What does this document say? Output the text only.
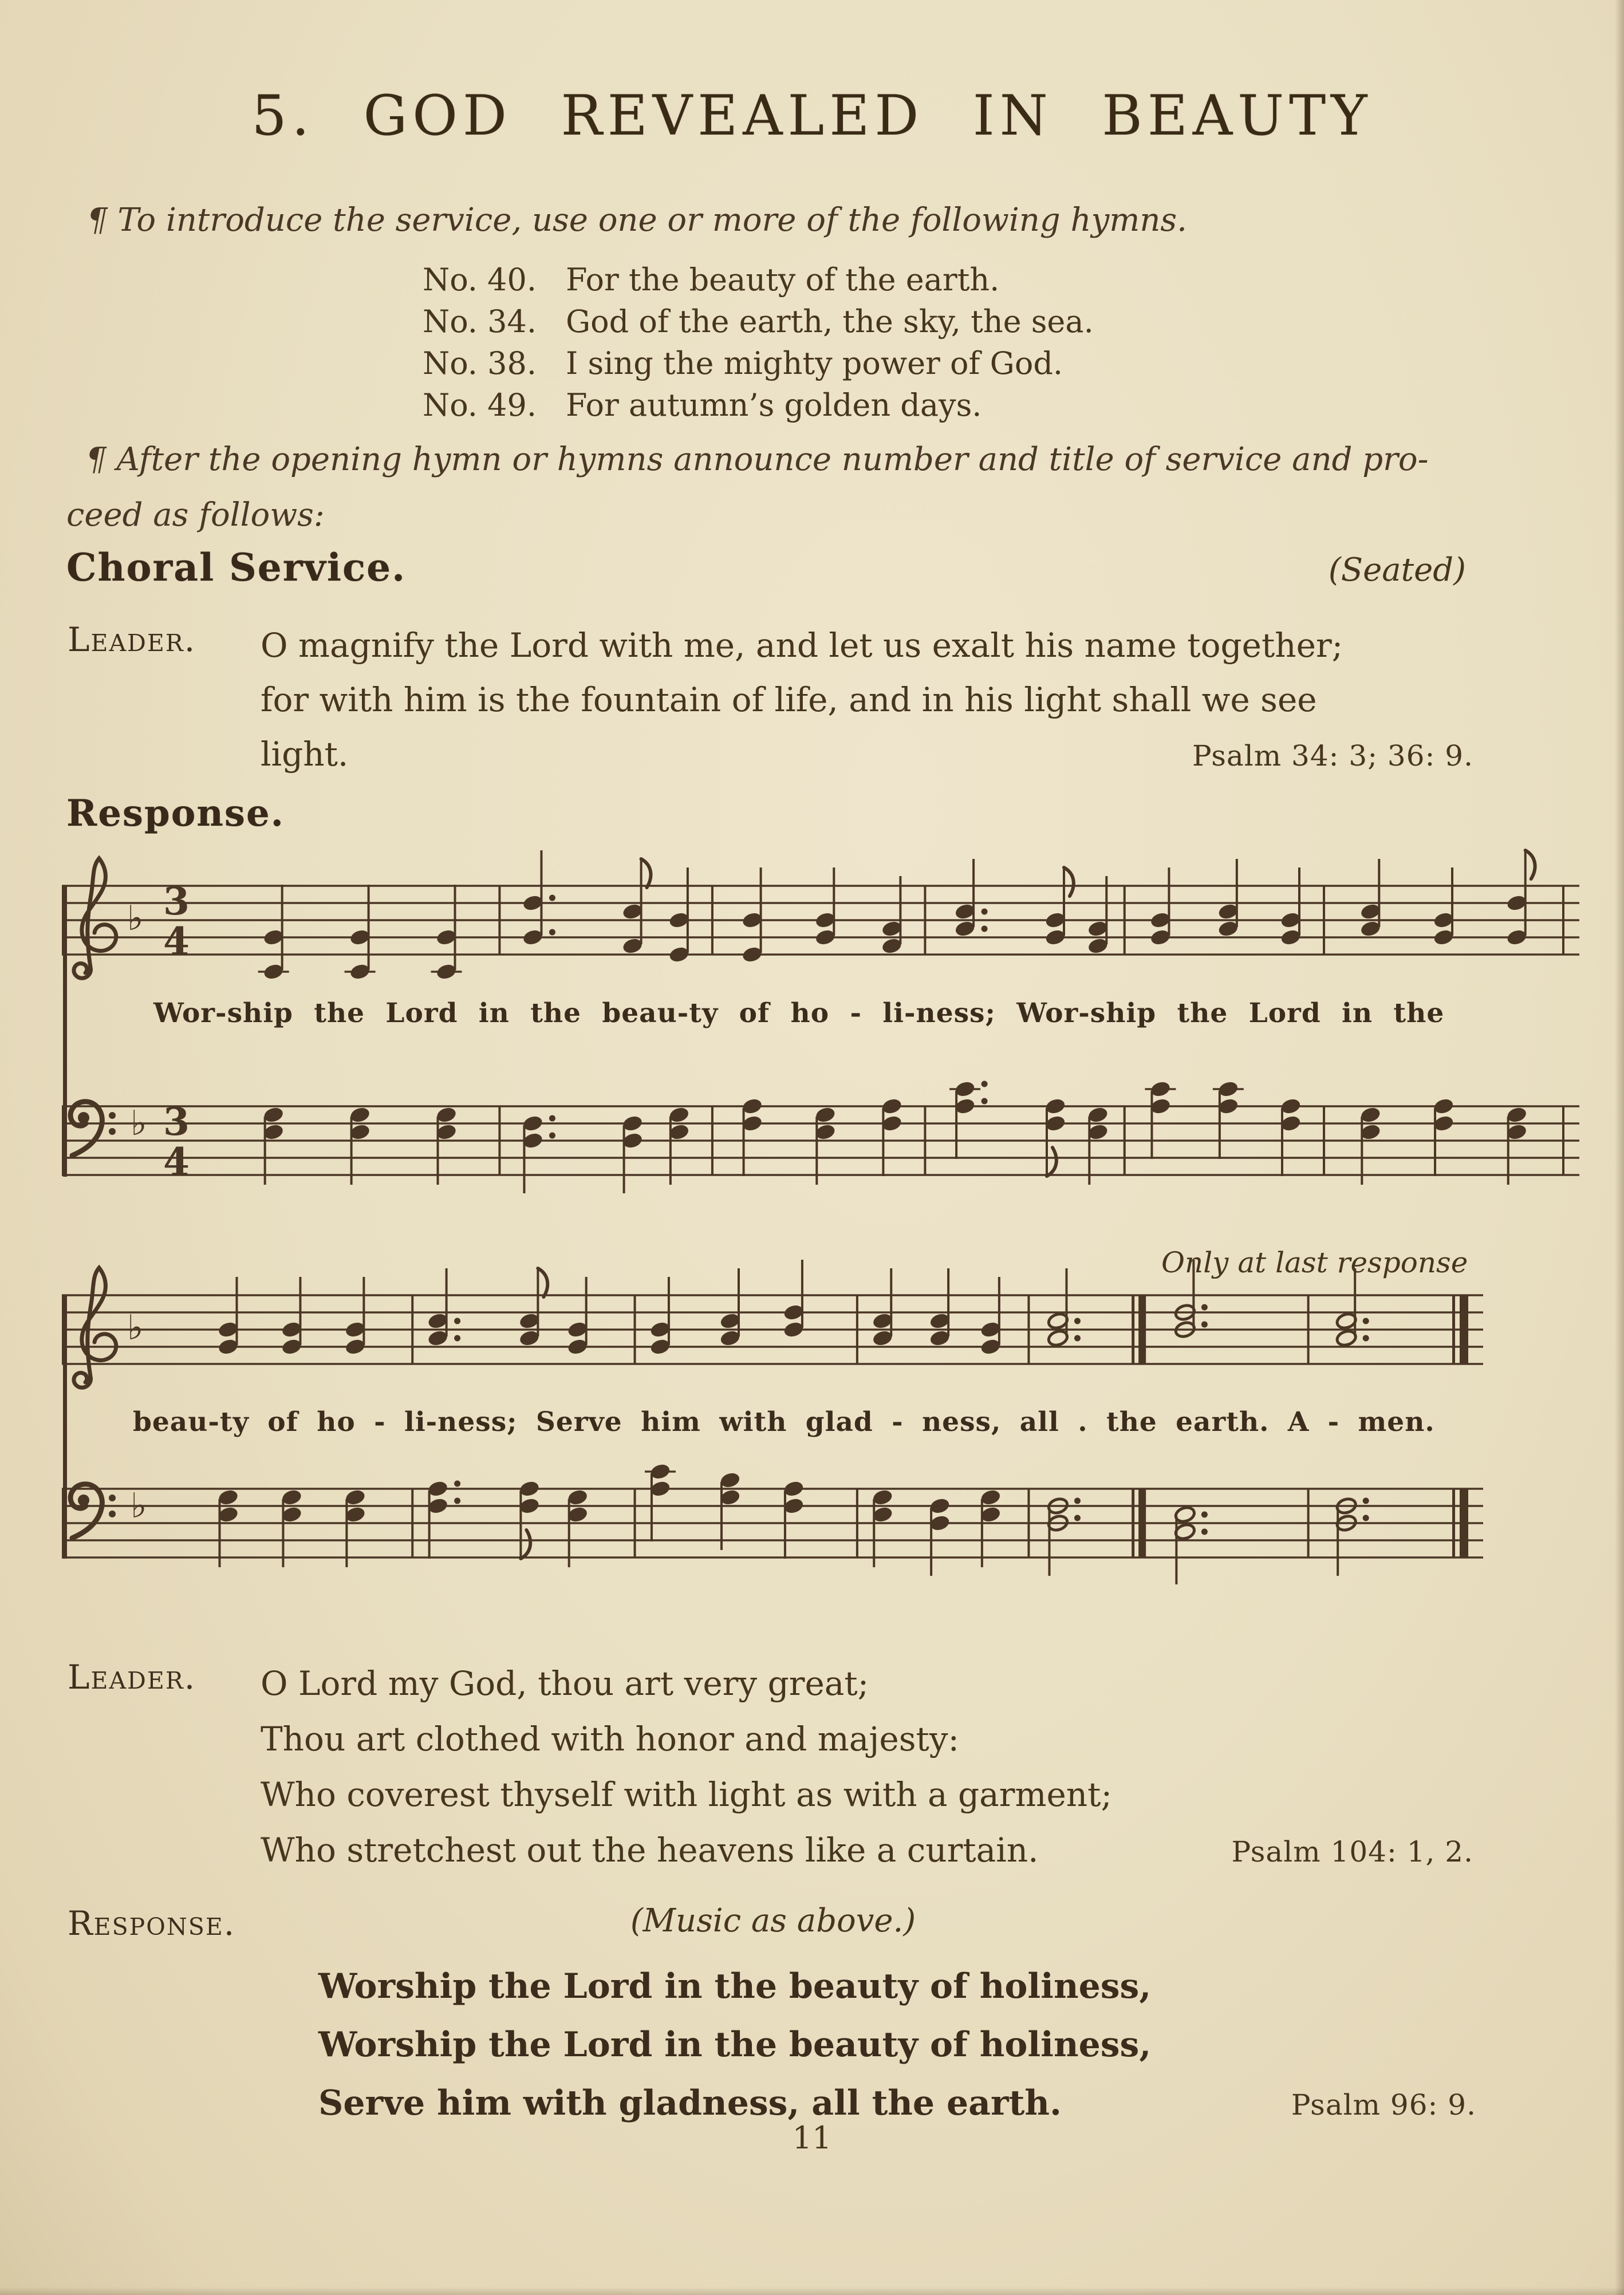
5. GOD REVEALED IN BEAUTY
¶ To introduce the service, use one or more of the following hymns.
No. 40. For the beauty of the earth.
No. 34. God of the earth, the sky, the sea.
No. 38. I sing the mighty power of God.
No. 49. For autumn’s golden days.
¶ After the opening hymn or hymns announce number and title of service and pro-
ceed as follows:
Choral Service.	(Seated)
Leader. O magnify the Lord with me, and let us exalt his name together;
for with him is the fountain of life, and in his light shall we see
light.	Psalm 34: 3; 36: 9.
Response.
♭ 3
4
Wor-ship the Lord in the beau-ty of ho - li-ness; Wor-ship the Lord in the
♭ 3
4
Only at last response
♭
beau-ty of ho - li-ness; Serve him with glad - ness, all . the earth. A - men.
♭
Leader. O Lord my God, thou art very great;
Thou art clothed with honor and majesty:
Who coverest thyself with light as with a garment;
Who stretchest out the heavens like a curtain.	Psalm 104: 1, 2.
Response.	(Music as above.)
Worship the Lord in the beauty of holiness,
Worship the Lord in the beauty of holiness,
Serve him with gladness, all the earth.	Psalm 96: 9.
11
